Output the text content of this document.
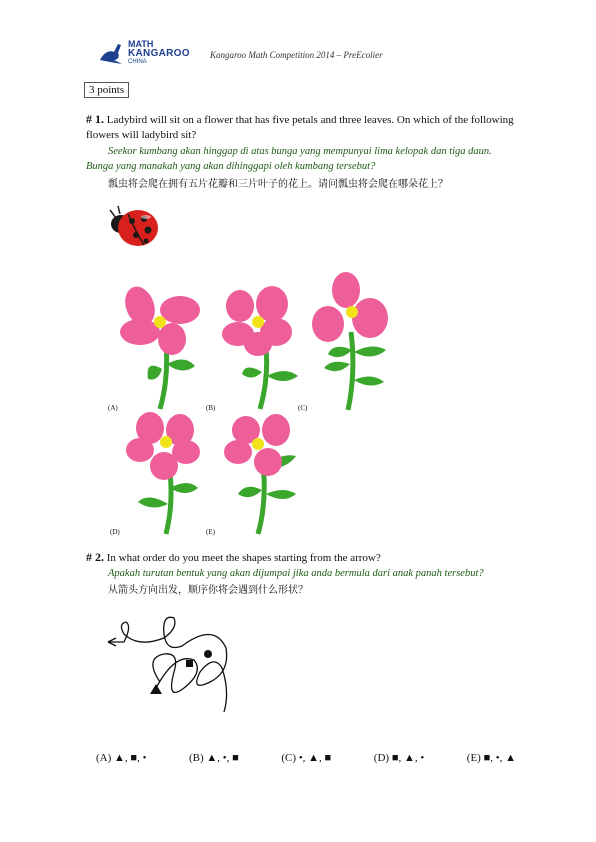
MATH
KANGAROO
CHINA
Kangaroo Math Competition 2014 – PreEcolier
3 points
# 1. Ladybird will sit on a flower that has five petals and three leaves. On which of the following flowers will ladybird sit?
Seekor kumbang akan hinggap di atas bunga yang mempunyai lima kelopak dan tiga daun. Bunga yang manakah yang akan dihinggapi oleh kumbang tersebut?
瓢虫将会爬在拥有五片花瓣和三片叶子的花上。请问瓢虫将会爬在哪朵花上？
(A)	(B)	(C)
(D)	(E)
# 2. In what order do you meet the shapes starting from the arrow?
Apakah turutan bentuk yang akan dijumpai jika anda bermula dari anak panah tersebut?
从箭头方向出发，顺序你将会遇到什么形状？
(A) ▲, ■, •	(B) ▲, •, ■	(C) •, ▲, ■	(D) ■, ▲, •	(E) ■, •, ▲
